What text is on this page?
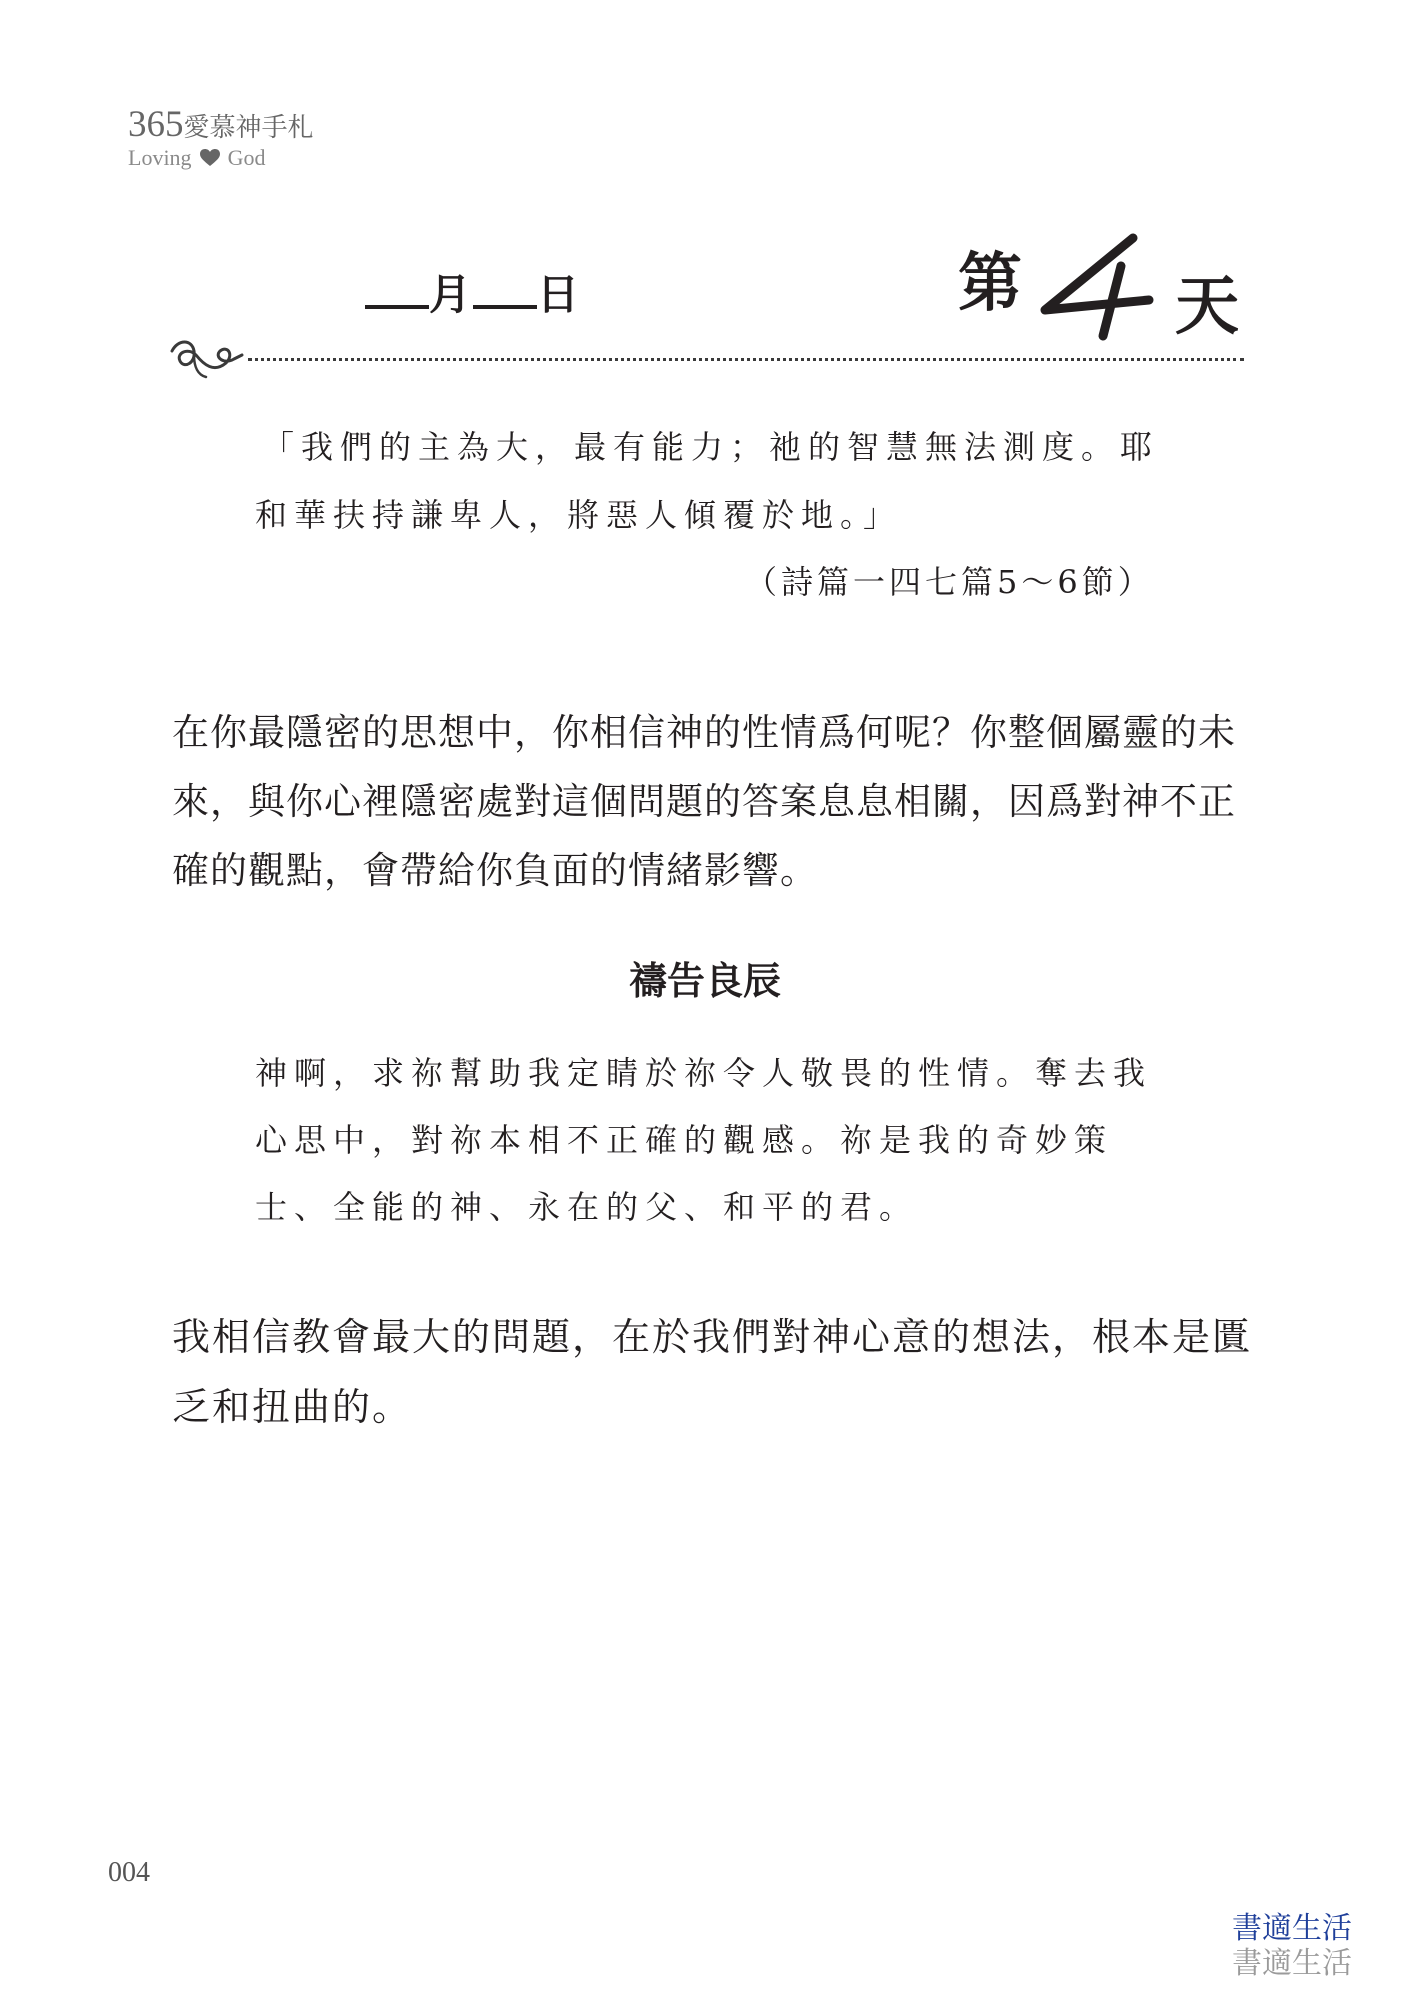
365愛慕神手札
Loving God
月 日	第	4 天
「我們的主為大，最有能力；祂的智慧無法測度。耶
和華扶持謙卑人，將惡人傾覆於地。」
（詩篇一四七篇5～6節）
在你最隱密的思想中，你相信神的性情爲何呢？你整個屬靈的未
來，與你心裡隱密處對這個問題的答案息息相關，因爲對神不正
確的觀點，會帶給你負面的情緒影響。
禱告良辰
神啊，求祢幫助我定睛於祢令人敬畏的性情。奪去我
心思中，對祢本相不正確的觀感。祢是我的奇妙策
士、全能的神、永在的父、和平的君。
我相信教會最大的問題，在於我們對神心意的想法，根本是匱
乏和扭曲的。
004
書適生活
書適生活
